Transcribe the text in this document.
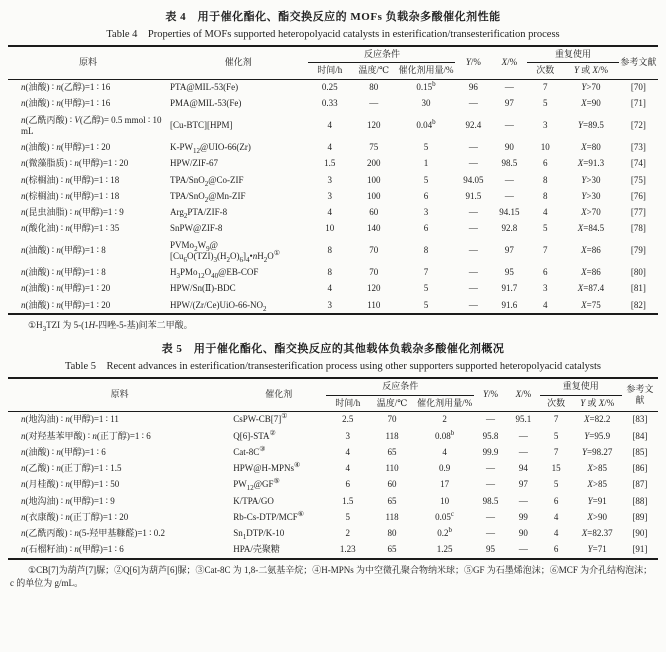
表 4　用于催化酯化、酯交换反应的 MOFs 负载杂多酸催化剂性能
Table 4　Properties of MOFs supported heteropolyacid catalysts in esterification/transesterification process
原料	催化剂	反应条件			Y/%	X/%	重复使用		参考文献
		时间/h	温度/℃	催化剂用量/%			次数	Y 或 X/%	
n(油酸) ∶ n(乙醇)=1 ∶ 16	PTA@MIL-53(Fe)	0.25	80	0.15$^b$	96	—	7	Y>70	[70]
n(油酸) ∶ n(甲醇)=1 ∶ 16	PMA@MIL-53(Fe)	0.33	—	30	—	97	5	X=90	[71]
n(乙酰丙酸) ∶ V(乙醇)= 0.5 mmol ∶ 10 mL	[Cu-BTC][HPM]	4	120	0.04$^b$	92.4	—	3	Y=89.5	[72]
n(油酸) ∶ n(甲醇)=1 ∶ 20	$K-PW_{12}@UIO-66(Zr)$	4	75	5	—	90	10	X=80	[73]
n(微藻脂质) ∶ n(甲醇)=1 ∶ 20	HPW/ZIF-67	1.5	200	1	—	98.5	6	X=91.3	[74]
n(棕榈油) ∶ n(甲醇)=1 ∶ 18	TPA/SnO$_2$@Co-ZIF	3	100	5	94.05	—	8	Y>30	[75]
n(棕榈油) ∶ n(甲醇)=1 ∶ 18	TPA/SnO$_2$@Mn-ZIF	3	100	6	91.5	—	8	Y>30	[76]
n(昆虫油脂) ∶ n(甲醇)=1 ∶ 9	Arg$_2$PTA/ZIF-8	4	60	3	—	94.15	4	X>70	[77]
n(酸化油) ∶ n(甲醇)=1 ∶ 35	SnPW@ZIF-8	10	140	6	—	92.8	5	X=84.5	[78]
n(油酸) ∶ n(甲醇)=1 ∶ 8	$PVMo_2W_9@$ $[Cu_6O(TZI)_3(H_2O)_6]_4•nH_2O^①$	8	70	8	—	97	7	X=86	[79]
n(油酸) ∶ n(甲醇)=1 ∶ 8	$H_3PMo_{12}O_{40}@EB$-COF	8	70	7	—	95	6	X=86	[80]
n(油酸) ∶ n(甲醇)=1 ∶ 20	HPW/Sn(Ⅱ)-BDC	4	120	5	—	91.7	3	X=87.4	[81]
n(油酸) ∶ n(甲醇)=1 ∶ 20	HPW/$(Zr/Ce)UiO-66-NO_2$	3	110	5	—	91.6	4	X=75	[82]
$①H_3TZI$ 为 5-(1H-四唑-5-基)间苯二甲酸。
表 5　用于催化酯化、酯交换反应的其他载体负载杂多酸催化剂概况
Table 5　Recent advances in esterification/transesterification process using other supporters supported heteropolyacid catalysts
原料	催化剂	反应条件			Y/%	X/%	重复使用		参考文献
		时间/h	温度/℃	催化剂用量/%			次数	Y 或 X/%	
n(地沟油) ∶ n(甲醇)=1 ∶ 11	CsPW-CB[7]①	2.5	70	2	—	95.1	7	X=82.2	[83]
n(对羟基苯甲酸) ∶ n(正丁醇)=1 ∶ 6	Q[6]-STA②	3	118	0.08$^b$	95.8	—	5	Y=95.9	[84]
n(油酸) ∶ n(甲醇)=1 ∶ 6	Cat-8C③	4	65	4	99.9	—	7	Y=98.27	[85]
n(乙酸) ∶ n(正丁醇)=1 ∶ 1.5	HPW@H-MPNs④	4	110	0.9	—	94	15	X>85	[86]
n(月桂酸) ∶ n(甲醇)=1 ∶ 50	$PW_{12}@GF^⑤$	6	60	17	—	97	5	X>85	[87]
n(地沟油) ∶ n(甲醇)=1 ∶ 9	K/TPA/GO	1.5	65	10	98.5	—	6	Y=91	[88]
n(衣康酸) ∶ n(正丁醇)=1 ∶ 20	Rb-Cs-DTP/MCF⑥	5	118	0.05$^c$	—	99	4	X>90	[89]
n(乙酰丙酸) ∶ n(5-羟甲基糠醛)=1 ∶ 0.2	$Sn_1DTP/K-10$	2	80	0.2$^b$	—	90	4	X=82.37	[90]
n(石榴籽油) ∶ n(甲醇)=1 ∶ 6	HPA/壳聚糖	1.23	65	1.25	95	—	6	Y=71	[91]
①CB[7]为葫芦[7]脲；②Q[6]为葫芦[6]脲；③Cat-8C 为 1,8-二氨基辛烷；④H-MPNs 为中空微孔聚合物纳米球；⑤GF 为石墨烯泡沫；⑥MCF 为介孔结构泡沫；c 的单位为 g/mL。
